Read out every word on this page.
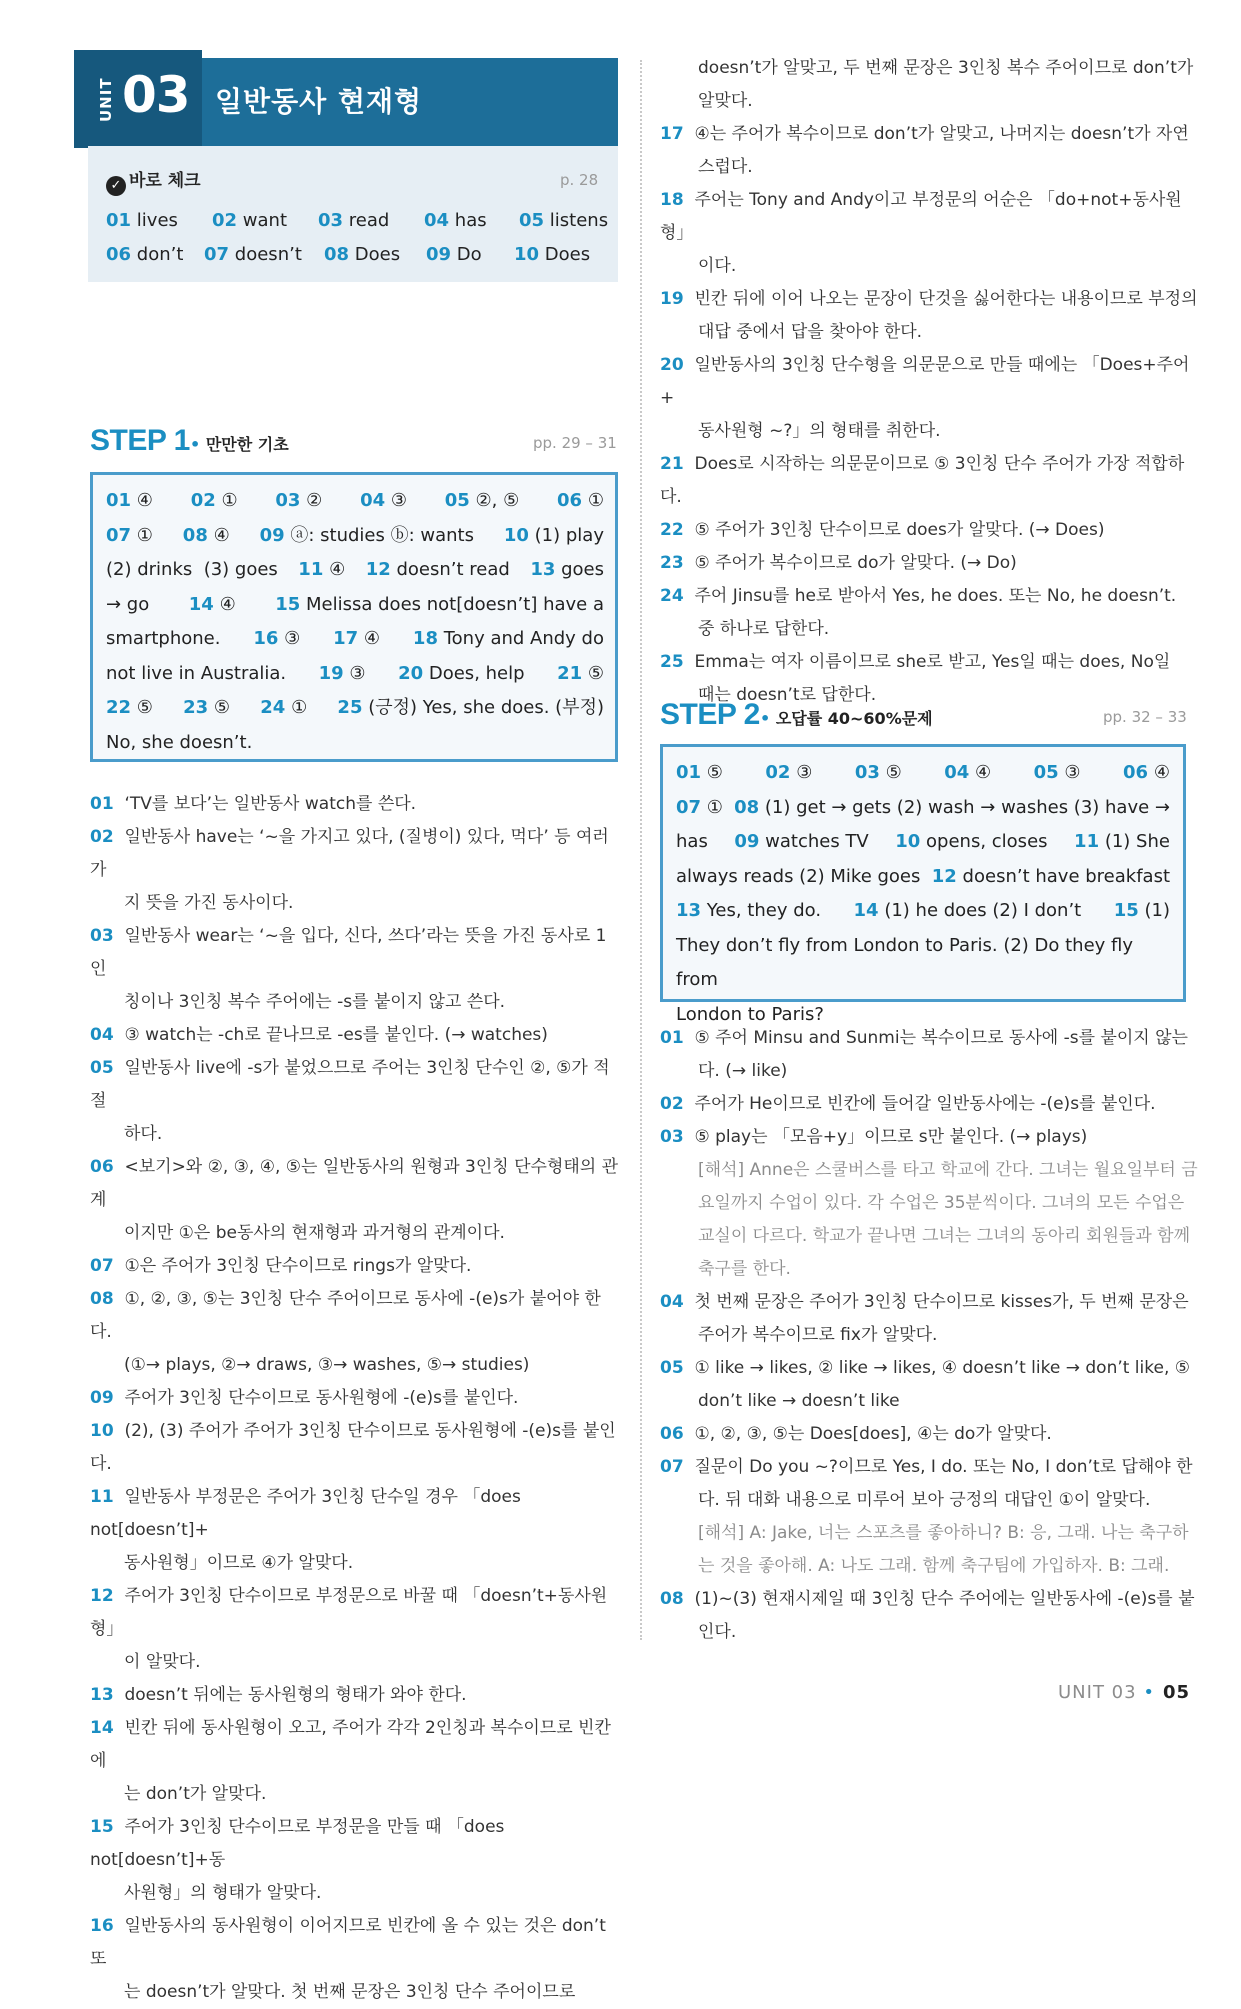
UNIT 03 일반동사 현재형
✓ 바로 체크	p. 28
01 lives 02 want 03 read 04 has 05 listens
06 don’t 07 doesn’t 08 Does 09 Do 10 Does
STEP 1 • 만만한 기초	pp. 29 – 31
01 ④ 02 ① 03 ② 04 ③ 05 ②, ⑤ 06 ①
07 ① 08 ④ 09 ⓐ: studies ⓑ: wants 10 (1) play
(2) drinks  (3) goes 11 ④ 12 doesn’t read 13 goes
→ go 14 ④ 15 Melissa does not[doesn’t] have a
smartphone. 16 ③ 17 ④ 18 Tony and Andy do
not live in Australia. 19 ③ 20 Does, help 21 ⑤
22 ⑤ 23 ⑤ 24 ① 25 (긍정) Yes, she does. (부정)
No, she doesn’t.
01  ‘TV를 보다’는 일반동사 watch를 쓴다.
02  일반동사 have는 ‘~을 가지고 있다, (질병이) 있다, 먹다’ 등 여러 가
지 뜻을 가진 동사이다.
03  일반동사 wear는 ‘~을 입다, 신다, 쓰다’라는 뜻을 가진 동사로 1인
칭이나 3인칭 복수 주어에는 -s를 붙이지 않고 쓴다.
04  ③ watch는 -ch로 끝나므로 -es를 붙인다. (→ watches)
05  일반동사 live에 -s가 붙었으므로 주어는 3인칭 단수인 ②, ⑤가 적절
하다.
06  <보기>와 ②, ③, ④, ⑤는 일반동사의 원형과 3인칭 단수형태의 관계
이지만 ①은 be동사의 현재형과 과거형의 관계이다.
07  ①은 주어가 3인칭 단수이므로 rings가 알맞다.
08  ①, ②, ③, ⑤는 3인칭 단수 주어이므로 동사에 -(e)s가 붙어야 한다.
(①→ plays, ②→ draws, ③→ washes, ⑤→ studies)
09  주어가 3인칭 단수이므로 동사원형에 -(e)s를 붙인다.
10  (2), (3) 주어가 주어가 3인칭 단수이므로 동사원형에 -(e)s를 붙인다.
11  일반동사 부정문은 주어가 3인칭 단수일 경우 「does not[doesn’t]+
동사원형」이므로 ④가 알맞다.
12  주어가 3인칭 단수이므로 부정문으로 바꿀 때 「doesn’t+동사원형」
이 알맞다.
13  doesn’t 뒤에는 동사원형의 형태가 와야 한다.
14  빈칸 뒤에 동사원형이 오고, 주어가 각각 2인칭과 복수이므로 빈칸에
는 don’t가 알맞다.
15  주어가 3인칭 단수이므로 부정문을 만들 때 「does not[doesn’t]+동
사원형」의 형태가 알맞다.
16  일반동사의 동사원형이 이어지므로 빈칸에 올 수 있는 것은 don’t 또
는 doesn’t가 알맞다. 첫 번째 문장은 3인칭 단수 주어이므로
doesn’t가 알맞고, 두 번째 문장은 3인칭 복수 주어이므로 don’t가
알맞다.
17  ④는 주어가 복수이므로 don’t가 알맞고, 나머지는 doesn’t가 자연
스럽다.
18  주어는 Tony and Andy이고 부정문의 어순은 「do+not+동사원형」
이다.
19  빈칸 뒤에 이어 나오는 문장이 단것을 싫어한다는 내용이므로 부정의
대답 중에서 답을 찾아야 한다.
20  일반동사의 3인칭 단수형을 의문문으로 만들 때에는 「Does+주어+
동사원형 ~?」의 형태를 취한다.
21  Does로 시작하는 의문문이므로 ⑤ 3인칭 단수 주어가 가장 적합하다.
22  ⑤ 주어가 3인칭 단수이므로 does가 알맞다. (→ Does)
23  ⑤ 주어가 복수이므로 do가 알맞다. (→ Do)
24  주어 Jinsu를 he로 받아서 Yes, he does. 또는 No, he doesn’t.
중 하나로 답한다.
25  Emma는 여자 이름이므로 she로 받고, Yes일 때는 does, No일
때는 doesn’t로 답한다.
STEP 2 • 오답률 40~60%문제	pp. 32 – 33
01 ⑤ 02 ③ 03 ⑤ 04 ④ 05 ③ 06 ④
07 ① 08 (1) get → gets (2) wash → washes (3) have →
has 09 watches TV 10 opens, closes 11 (1) She
always reads (2) Mike goes 12 doesn’t have breakfast
13 Yes, they do. 14 (1) he does (2) I don’t 15 (1)
They don’t fly from London to Paris. (2) Do they fly from
London to Paris?
01  ⑤ 주어 Minsu and Sunmi는 복수이므로 동사에 -s를 붙이지 않는
다. (→ like)
02  주어가 He이므로 빈칸에 들어갈 일반동사에는 -(e)s를 붙인다.
03  ⑤ play는 「모음+y」이므로 s만 붙인다. (→ plays)
[해석] Anne은 스쿨버스를 타고 학교에 간다. 그녀는 월요일부터 금
요일까지 수업이 있다. 각 수업은 35분씩이다. 그녀의 모든 수업은
교실이 다르다. 학교가 끝나면 그녀는 그녀의 동아리 회원들과 함께
축구를 한다.
04  첫 번째 문장은 주어가 3인칭 단수이므로 kisses가, 두 번째 문장은
주어가 복수이므로 fix가 알맞다.
05  ① like → likes, ② like → likes, ④ doesn’t like → don’t like, ⑤
don’t like → doesn’t like
06  ①, ②, ③, ⑤는 Does[does], ④는 do가 알맞다.
07  질문이 Do you ~?이므로 Yes, I do. 또는 No, I don’t로 답해야 한
다. 뒤 대화 내용으로 미루어 보아 긍정의 대답인 ①이 알맞다.
[해석] A: Jake, 너는 스포츠를 좋아하니? B: 응, 그래. 나는 축구하
는 것을 좋아해. A: 나도 그래. 함께 축구팀에 가입하자. B: 그래.
08  (1)~(3) 현재시제일 때 3인칭 단수 주어에는 일반동사에 -(e)s를 붙
인다.
UNIT 03 • 05
